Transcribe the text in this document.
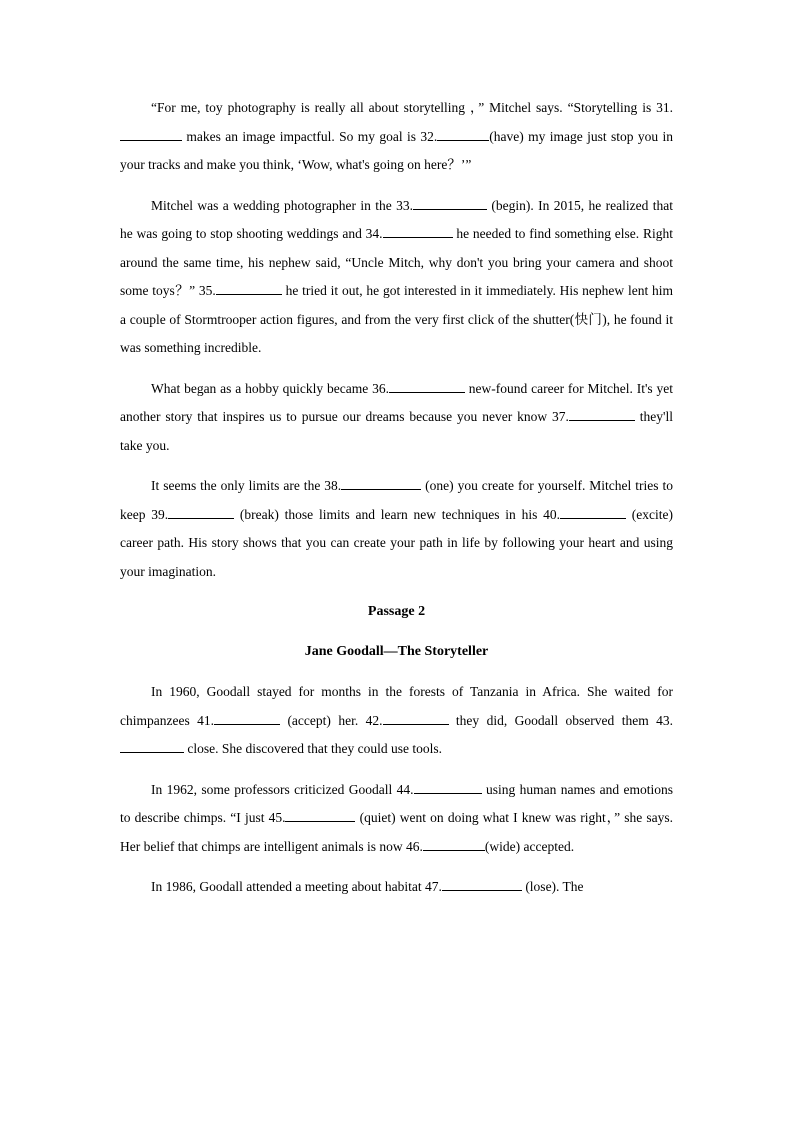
“For me, toy photography is really all about storytelling ，” Mitchel says. “Storytelling is 31. makes an image impactful. So my goal is 32.	(have) my image just stop you in your tracks and make you think, ‘Wow, what's going on here？’”

Mitchel was a wedding photographer in the 33.	(begin). In 2015, he realized that he was going to stop shooting weddings and 34.	he needed to find something else. Right around the same time, his nephew said, “Uncle Mitch, why don't you bring your camera and shoot some toys？” 35.	he tried it out, he got interested in it immediately. His nephew lent him a couple of Stormtrooper action figures, and from the very first click of the shutter(快门), he found it was something incredible.

What began as a hobby quickly became 36.	new-found career for Mitchel. It's yet another story that inspires us to pursue our dreams because you never know 37.	they'll take you.

It seems the only limits are the 38.	(one) you create for yourself. Mitchel tries to keep 39.	(break) those limits and learn new techniques in his 40.	(excite) career path. His story shows that you can create your path in life by following your heart and using your imagination.

Passage 2
Jane Goodall—The Storyteller

In 1960, Goodall stayed for months in the forests of Tanzania in Africa. She waited for chimpanzees 41.	(accept) her. 42.	they did, Goodall observed them 43. close. She discovered that they could use tools.

In 1962, some professors criticized Goodall 44.	using human names and emotions to describe chimps. “I just 45.	(quiet) went on doing what I knew was right，” she says. Her belief that chimps are intelligent animals is now 46.	(wide) accepted.

In 1986, Goodall attended a meeting about habitat 47.	(lose). The
